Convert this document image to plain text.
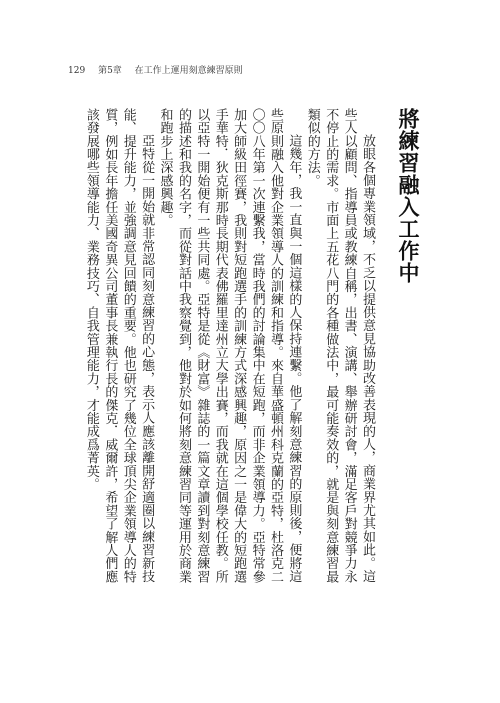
129 第5章 在工作上運用刻意練習原則
將練習融入工作中

放眼各個專業領域，不乏以提供意見協助改善表現的人，商業界尤其如此。這些人以顧問、指導員或教練自稱，出書、演講、舉辦研討會，滿足客戶對競爭力永不停止的需求。市面上五花八門的各種做法中，最可能奏效的，就是與刻意練習最類似的方法。

這幾年，我一直與一個這樣的人保持連繫。他了解刻意練習的原則後，便將這些原則融入他對企業領導人的訓練和指導。來自華盛頓州科克蘭的亞特，杜洛克二〇〇八年第一次連繫我，當時我們的討論集中在短跑，而非企業領導力。亞特常參加大師級田徑賽，我則對短跑選手的訓練方式深感興趣，原因之一是偉大的短跑選手華特．狄克斯那時長期代表佛羅里達州立大學出賽，而我就在這個學校任教。所以亞特一開始便有一些共同處。亞特是從《財富》雜誌的一篇文章讀到對刻意練習的描述和我的名字，而從對話中我察覺到，他對於如何將刻意練習同等運用於商業和跑步上深感興趣。

亞特從一開始就非常認同刻意練習的心態，表示人應該離開舒適圈以練習新技能、提升能力，並強調意見回饋的重要。他也研究了幾位全球頂尖企業領導人的特質，例如長年擔任美國奇異公司董事長兼執行長的傑克．威爾許，希望了解人們應該發展哪些領導能力、業務技巧、自我管理能力，才能成爲菁英。
